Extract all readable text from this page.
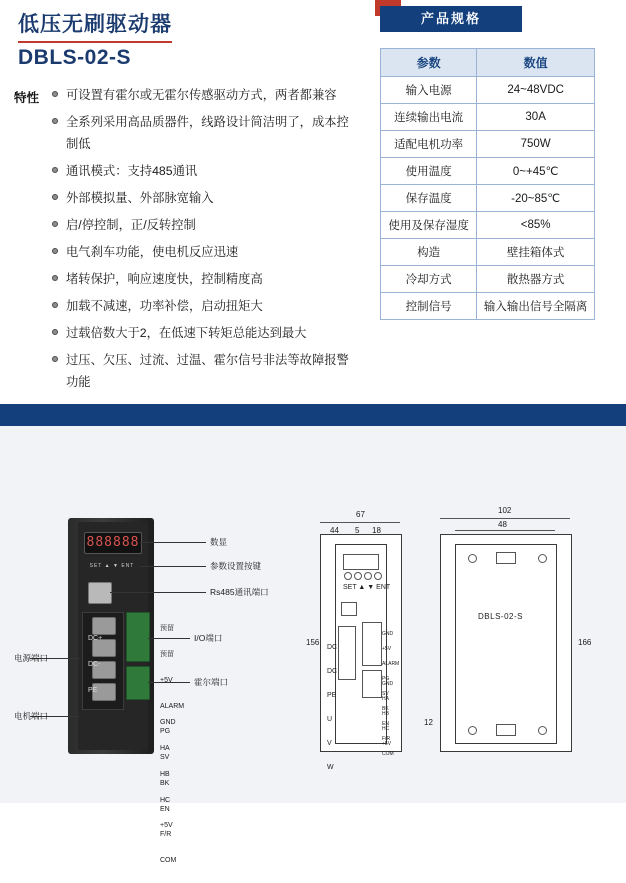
低压无刷驱动器
DBLS-02-S
特性	可设置有霍尔或无霍尔传感驱动方式，两者都兼容
全系列采用高品质器件，线路设计简洁明了，成本控制低
通讯模式：支持485通讯
外部模拟量、外部脉宽输入
启/停控制，正/反转控制
电气刹车功能，使电机反应迅速
堵转保护，响应速度快，控制精度高
加载不减速，功率补偿，启动扭矩大
过载倍数大于2，在低速下转矩总能达到最大
过压、欠压、过流、过温、霍尔信号非法等故障报警功能
产品规格
参数	数值
输入电源	24~48VDC
连续输出电流	30A
适配电机功率	750W
使用温度	0~+45℃
保存温度	-20~85℃
使用及保存湿度	<85%
构造	壁挂箱体式
冷却方式	散热器方式
控制信号	输入输出信号全隔离
888888
SET ▲ ▼ ENT
数显
参数设置按键
Rs485通讯端口
电源端口
电机端口
I/O端口
霍尔端口

预留

预留

+5V

ALARM

PG

SV

BK

EN

F/R

COM

GND

HA

HB

HC

+5V

DC+

DC-

PE

SET ▲ ▼ ENT

DC

DC

PE

U

V

W

GND

+5V

ALARM

PG

SV

BK

EN

F/R

COM

GND

HA

HB

HC

+5V

67
44 5 18
156
DBLS-02-S
102
48
166
12
